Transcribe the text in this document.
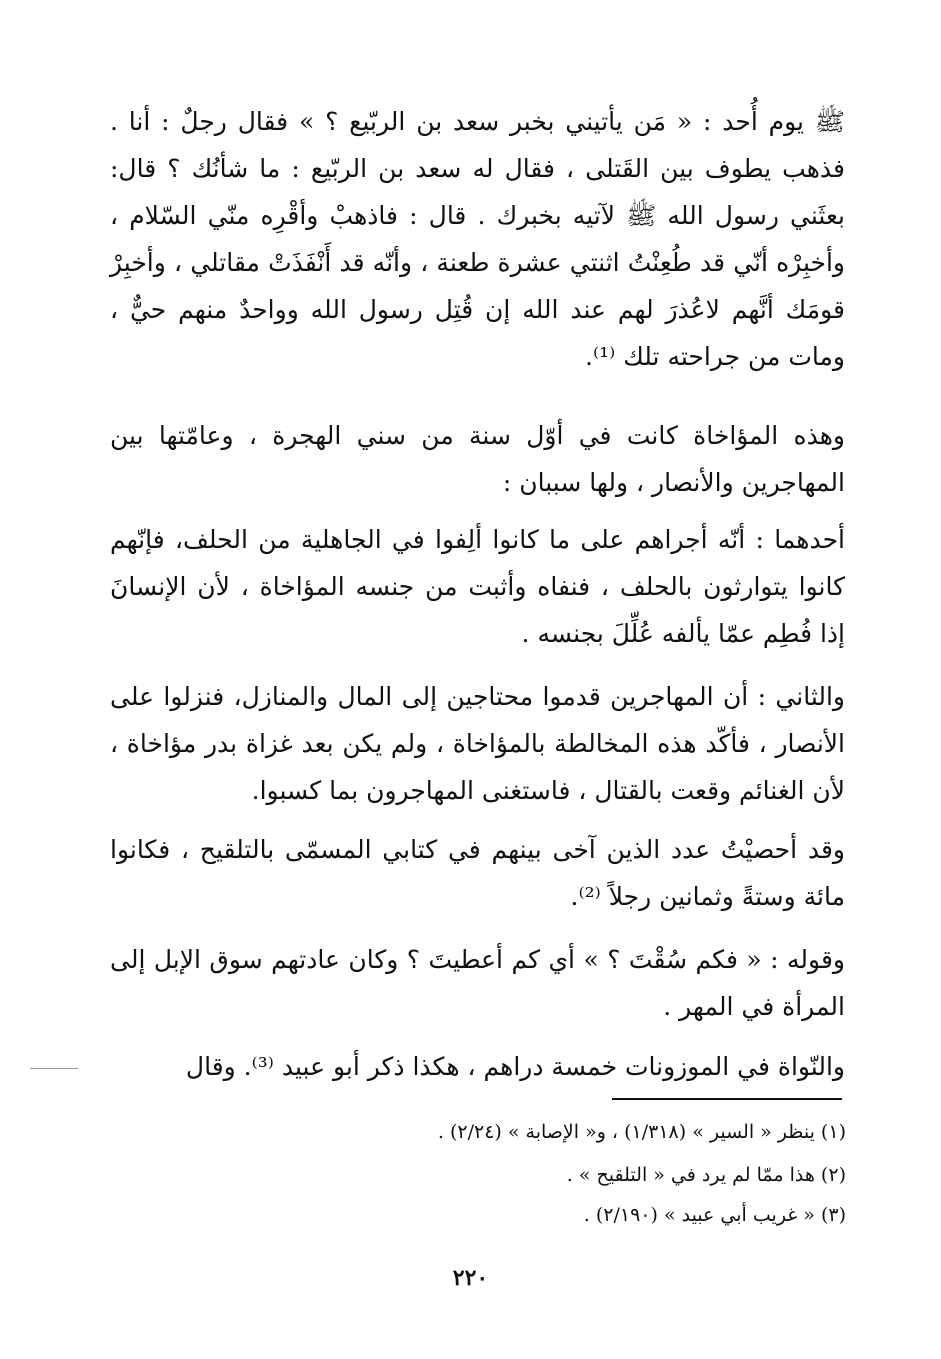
ﷺ يوم أُحد : « مَن يأتيني بخبر سعد بن الربّيع ؟ » فقال رجلٌ : أنا . فذهب يطوف بين القَتلى ، فقال له سعد بن الربّيع : ما شأنُك ؟ قال: بعثَني رسول الله ﷺ لآتيه بخبرك . قال : فاذهبْ وأقْرِه منّي السّلام ، وأخبِرْه أنّي قد طُعِنْتُ اثنتي عشرة طعنة ، وأنّه قد أَنْفَذَتْ مقاتلي ، وأخبِرْ قومَك أنَّهم لاعُذرَ لهم عند الله إن قُتِل رسول الله وواحدٌ منهم حيٌّ ، ومات من جراحته تلك ⁽¹⁾.

وهذه المؤاخاة كانت في أوّل سنة من سني الهجرة ، وعامّتها بين المهاجرين والأنصار ، ولها سببان :

أحدهما : أنّه أجراهم على ما كانوا ألِفوا في الجاهلية من الحلف، فإنّهم كانوا يتوارثون بالحلف ، فنفاه وأثبت من جنسه المؤاخاة ، لأن الإنسانَ إذا فُطِم عمّا يألفه عُلِّلَ بجنسه .

والثاني : أن المهاجرين قدموا محتاجين إلى المال والمنازل، فنزلوا على الأنصار ، فأكّد هذه المخالطة بالمؤاخاة ، ولم يكن بعد غزاة بدر مؤاخاة ، لأن الغنائم وقعت بالقتال ، فاستغنى المهاجرون بما كسبوا.

وقد أحصيْتُ عدد الذين آخى بينهم في كتابي المسمّى بالتلقيح ، فكانوا مائة وستةً وثمانين رجلاً ⁽²⁾.

وقوله : « فكم سُقْتَ ؟ » أي كم أعطيتَ ؟ وكان عادتهم سوق الإبل إلى المرأة في المهر .

والنّواة في الموزونات خمسة دراهم ، هكذا ذكر أبو عبيد ⁽³⁾. وقال

(١) ينظر « السير » (١/٣١٨) ، و« الإصابة » (٢/٢٤) .

(٢) هذا ممّا لم يرد في « التلقيح » .

(٣) « غريب أبي عبيد » (٢/١٩٠) .

٢٢٠
